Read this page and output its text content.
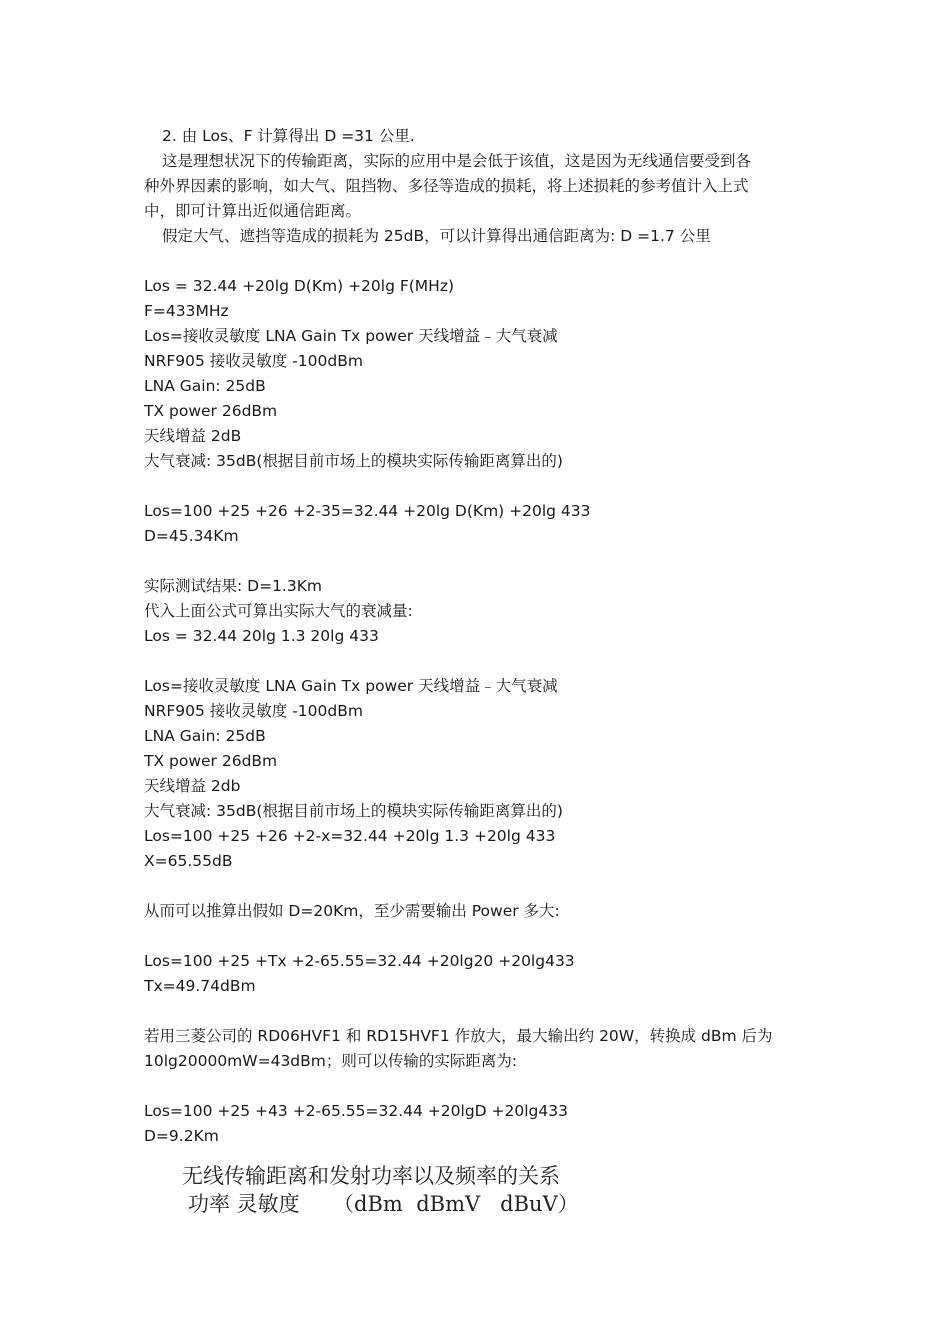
2. 由 Los、F 计算得出 D =31 公里.
这是理想状况下的传输距离，实际的应用中是会低于该值，这是因为无线通信要受到各
种外界因素的影响，如大气、阻挡物、多径等造成的损耗，将上述损耗的参考值计入上式
中，即可计算出近似通信距离。
假定大气、遮挡等造成的损耗为 25dB，可以计算得出通信距离为: D =1.7 公里
Los = 32.44 +20lg D(Km) +20lg F(MHz)
F=433MHz
Los=接收灵敏度 LNA Gain Tx power 天线增益﹣大气衰减
NRF905 接收灵敏度 -100dBm
LNA Gain: 25dB
TX power 26dBm
天线增益 2dB
大气衰减: 35dB(根据目前市场上的模块实际传输距离算出的)
Los=100 +25 +26 +2-35=32.44 +20lg D(Km) +20lg 433
D=45.34Km
实际测试结果: D=1.3Km
代入上面公式可算出实际大气的衰减量:
Los = 32.44 20lg 1.3 20lg 433
Los=接收灵敏度 LNA Gain Tx power 天线增益﹣大气衰减
NRF905 接收灵敏度 -100dBm
LNA Gain: 25dB
TX power 26dBm
天线增益 2db
大气衰减: 35dB(根据目前市场上的模块实际传输距离算出的)
Los=100 +25 +26 +2-x=32.44 +20lg 1.3 +20lg 433
X=65.55dB
从而可以推算出假如 D=20Km，至少需要输出 Power 多大:
Los=100 +25 +Tx +2-65.55=32.44 +20lg20 +20lg433
Tx=49.74dBm
若用三菱公司的 RD06HVF1 和 RD15HVF1 作放大，最大输出约 20W，转换成 dBm 后为
10lg20000mW=43dBm；则可以传输的实际距离为:
Los=100 +25 +43 +2-65.55=32.44 +20lgD +20lg433
D=9.2Km
无线传输距离和发射功率以及频率的关系
功率 灵敏度     （dBm  dBmV   dBuV）
